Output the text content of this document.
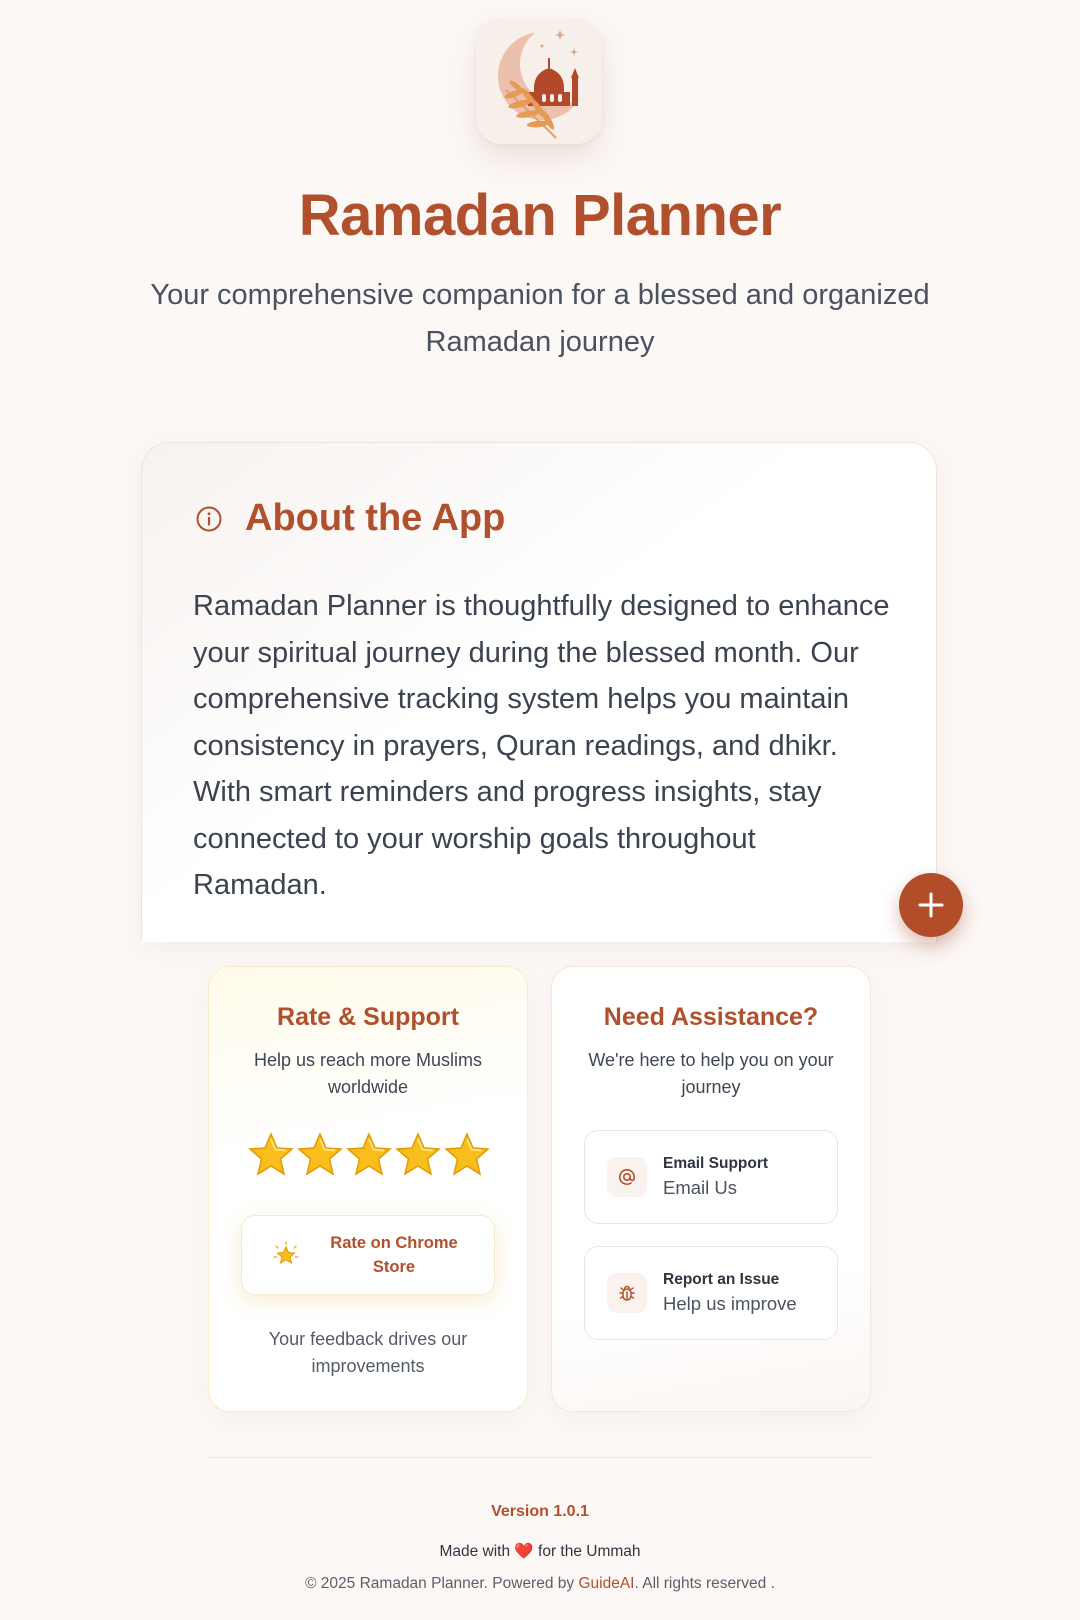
Ramadan Planner

Your comprehensive companion for a blessed and organized Ramadan journey

About the App

Ramadan Planner is thoughtfully designed to enhance your spiritual journey during the blessed month. Our comprehensive tracking system helps you maintain consistency in prayers, Quran readings, and dhikr. With smart reminders and progress insights, stay connected to your worship goals throughout Ramadan.

Rate & Support

Help us reach more Muslims worldwide

Rate on Chrome Store

Your feedback drives our improvements

Need Assistance?

We're here to help you on your journey

Email Support
Email Us
Report an Issue
Help us improve

Version 1.0.1

Made with ❤️ for the Ummah

© 2025 Ramadan Planner. Powered by GuideAI. All rights reserved .
